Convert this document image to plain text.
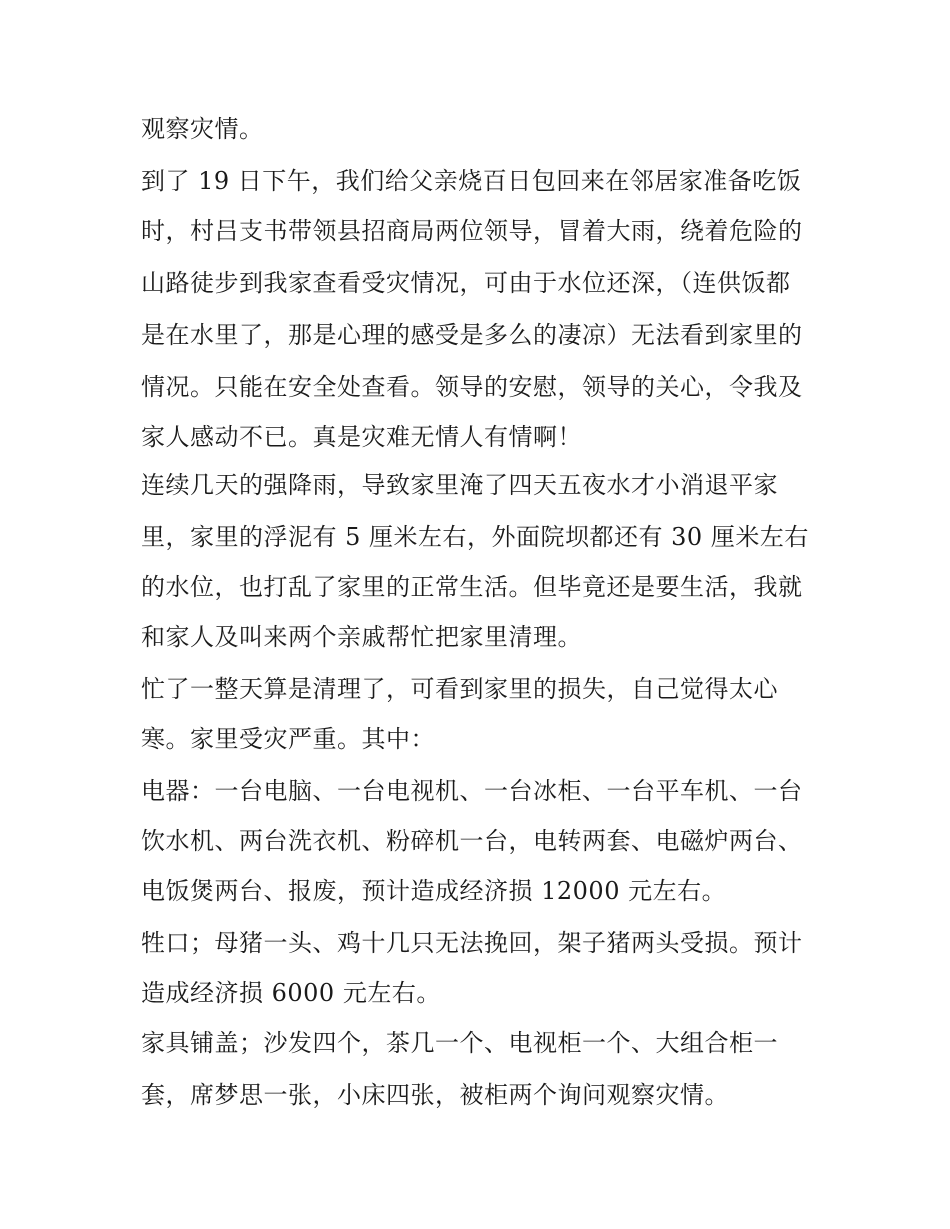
观察灾情。
到了 19 日下午，我们给父亲烧百日包回来在邻居家准备吃饭
时，村吕支书带领县招商局两位领导，冒着大雨，绕着危险的
山路徒步到我家查看受灾情况，可由于水位还深，（连供饭都
是在水里了，那是心理的感受是多么的凄凉）无法看到家里的
情况。只能在安全处查看。领导的安慰，领导的关心，令我及
家人感动不已。真是灾难无情人有情啊！
连续几天的强降雨，导致家里淹了四天五夜水才小消退平家
里，家里的浮泥有 5 厘米左右，外面院坝都还有 30 厘米左右
的水位，也打乱了家里的正常生活。但毕竟还是要生活，我就
和家人及叫来两个亲戚帮忙把家里清理。
忙了一整天算是清理了，可看到家里的损失，自己觉得太心
寒。家里受灾严重。其中：
电器：一台电脑、一台电视机、一台冰柜、一台平车机、一台
饮水机、两台洗衣机、粉碎机一台，电转两套、电磁炉两台、
电饭煲两台、报废，预计造成经济损 12000 元左右。
牲口；母猪一头、鸡十几只无法挽回，架子猪两头受损。预计
造成经济损 6000 元左右。
家具铺盖；沙发四个，茶几一个、电视柜一个、大组合柜一
套，席梦思一张，小床四张，被柜两个询问观察灾情。
